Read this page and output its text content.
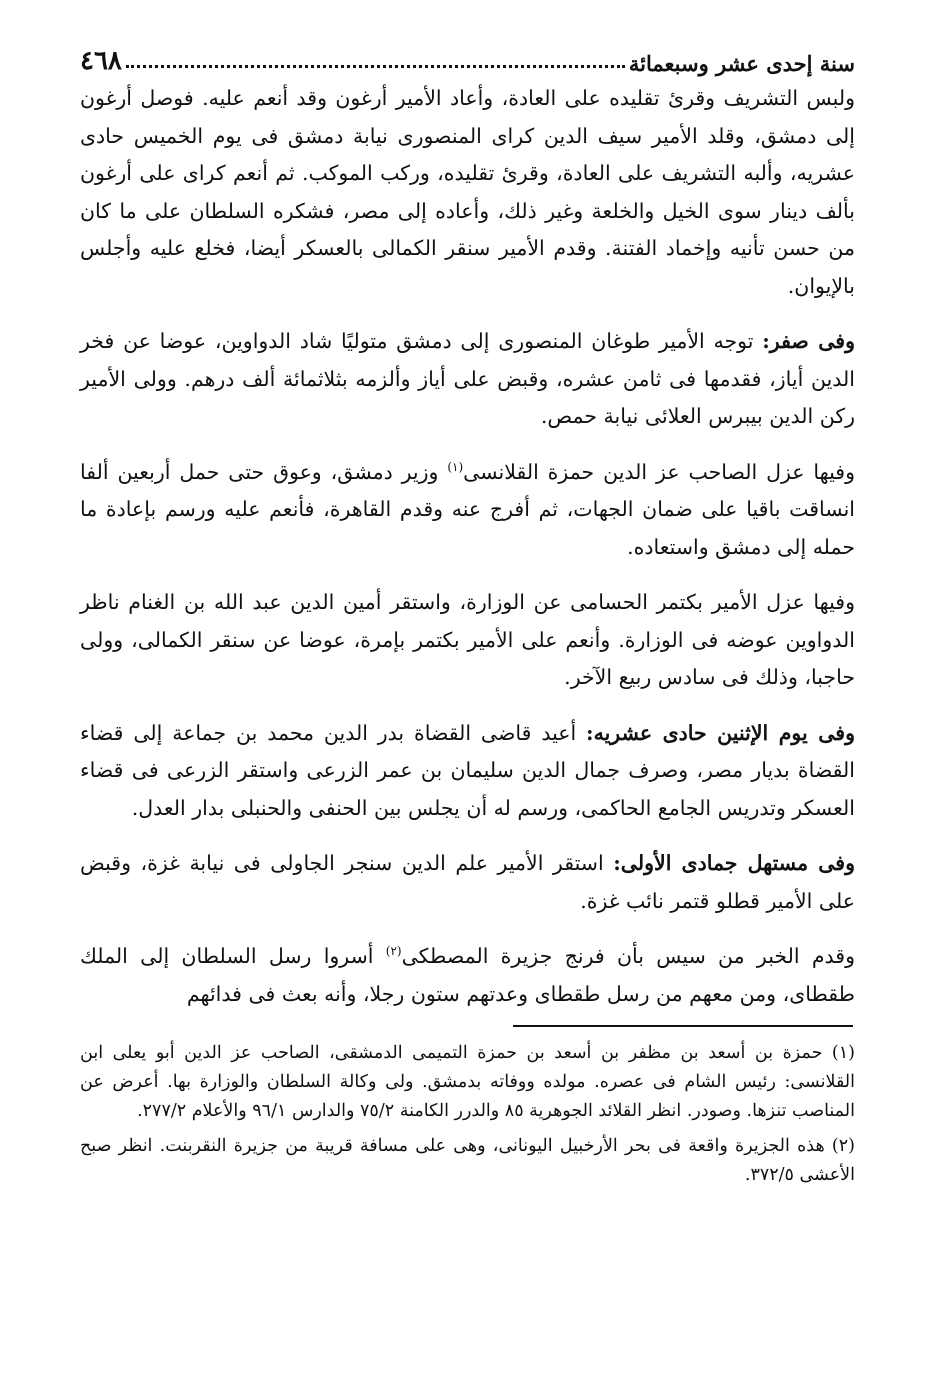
٤٦٨	سنة إحدى عشر وسبعمائة

ولبس التشريف وقرئ تقليده على العادة، وأعاد الأمير أرغون وقد أنعم عليه. فوصل أرغون إلى دمشق، وقلد الأمير سيف الدين كراى المنصورى نيابة دمشق فى يوم الخميس حادى عشريه، وألبه التشريف على العادة، وقرئ تقليده، وركب الموكب. ثم أنعم كراى على أرغون بألف دينار سوى الخيل والخلعة وغير ذلك، وأعاده إلى مصر، فشكره السلطان على ما كان من حسن تأنيه وإخماد الفتنة. وقدم الأمير سنقر الكمالى بالعسكر أيضا، فخلع عليه وأجلس بالإيوان.

وفى صفر: توجه الأمير طوغان المنصورى إلى دمشق متوليًا شاد الدواوين، عوضا عن فخر الدين أياز، فقدمها فى ثامن عشره، وقبض على أياز وألزمه بثلاثمائة ألف درهم. وولى الأمير ركن الدين بيبرس العلائى نيابة حمص.

وفيها عزل الصاحب عز الدين حمزة القلانسى$^{(١)}$ وزير دمشق، وعوق حتى حمل أربعين ألفا انساقت باقيا على ضمان الجهات، ثم أفرج عنه وقدم القاهرة، فأنعم عليه ورسم بإعادة ما حمله إلى دمشق واستعاده.

وفيها عزل الأمير بكتمر الحسامى عن الوزارة، واستقر أمين الدين عبد الله بن الغنام ناظر الدواوين عوضه فى الوزارة. وأنعم على الأمير بكتمر بإمرة، عوضا عن سنقر الكمالى، وولى حاجبا، وذلك فى سادس ربيع الآخر.

وفى يوم الإثنين حادى عشريه: أعيد قاضى القضاة بدر الدين محمد بن جماعة إلى قضاء القضاة بديار مصر، وصرف جمال الدين سليمان بن عمر الزرعى واستقر الزرعى فى قضاء العسكر وتدريس الجامع الحاكمى، ورسم له أن يجلس بين الحنفى والحنبلى بدار العدل.

وفى مستهل جمادى الأولى: استقر الأمير علم الدين سنجر الجاولى فى نيابة غزة، وقبض على الأمير قطلو قتمر نائب غزة.

وقدم الخبر من سيس بأن فرنج جزيرة المصطكى$^{(٢)}$ أسروا رسل السلطان إلى الملك طقطاى، ومن معهم من رسل طقطاى وعدتهم ستون رجلا، وأنه بعث فى فدائهم

(١) حمزة بن أسعد بن مظفر بن أسعد بن حمزة التميمى الدمشقى، الصاحب عز الدين أبو يعلى ابن القلانسى: رئيس الشام فى عصره. مولده ووفاته بدمشق. ولى وكالة السلطان والوزارة بها. أعرض عن المناصب تنزها. وصودر. انظر القلائد الجوهرية ٨٥ والدرر الكامنة ٧٥/٢ والدارس ٩٦/١ والأعلام ٢٧٧/٢.

(٢) هذه الجزيرة واقعة فى بحر الأرخبيل اليونانى، وهى على مسافة قريبة من جزيرة النقربنت. انظر صبح الأعشى ٣٧٢/٥.
